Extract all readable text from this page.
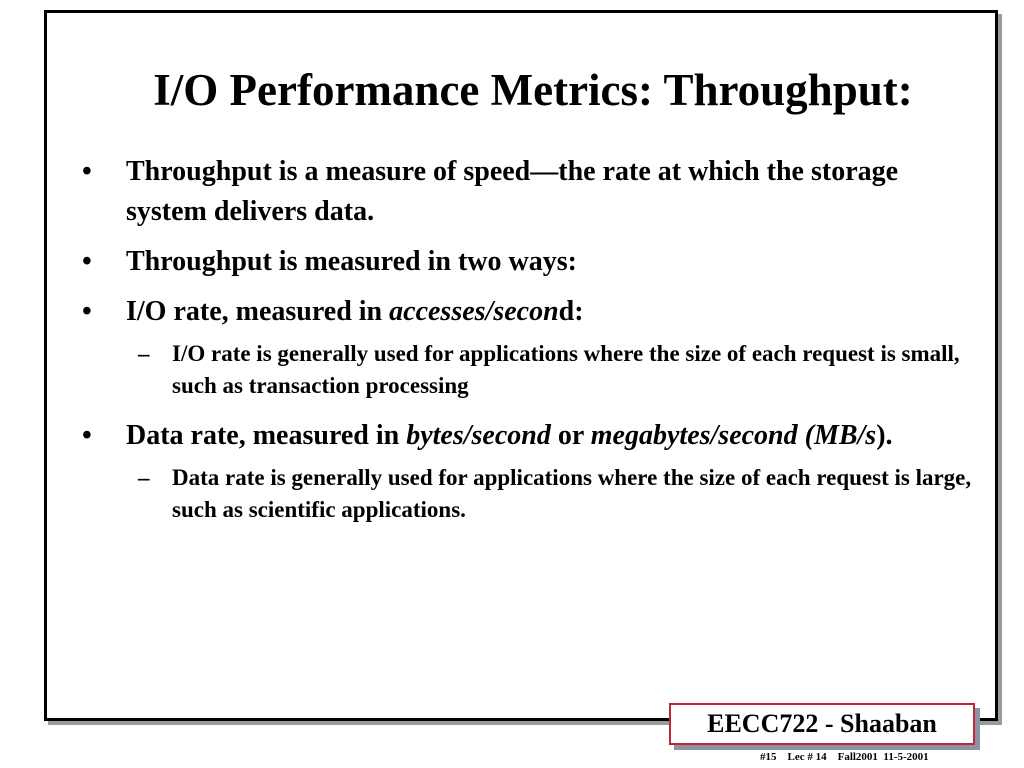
I/O Performance Metrics: Throughput:
•	Throughput is a measure of speed—the rate at which the storage system delivers data.
•	Throughput is measured in two ways:
•	I/O rate, measured in accesses/second:
– I/O rate is generally used for applications where the size of each request is small, such as transaction processing
•	Data rate, measured in bytes/second or megabytes/second (MB/s).
– Data rate is generally used for applications where the size of each request is large, such as scientific applications.
EECC722 - Shaaban
#15    Lec # 14    Fall2001  11-5-2001
